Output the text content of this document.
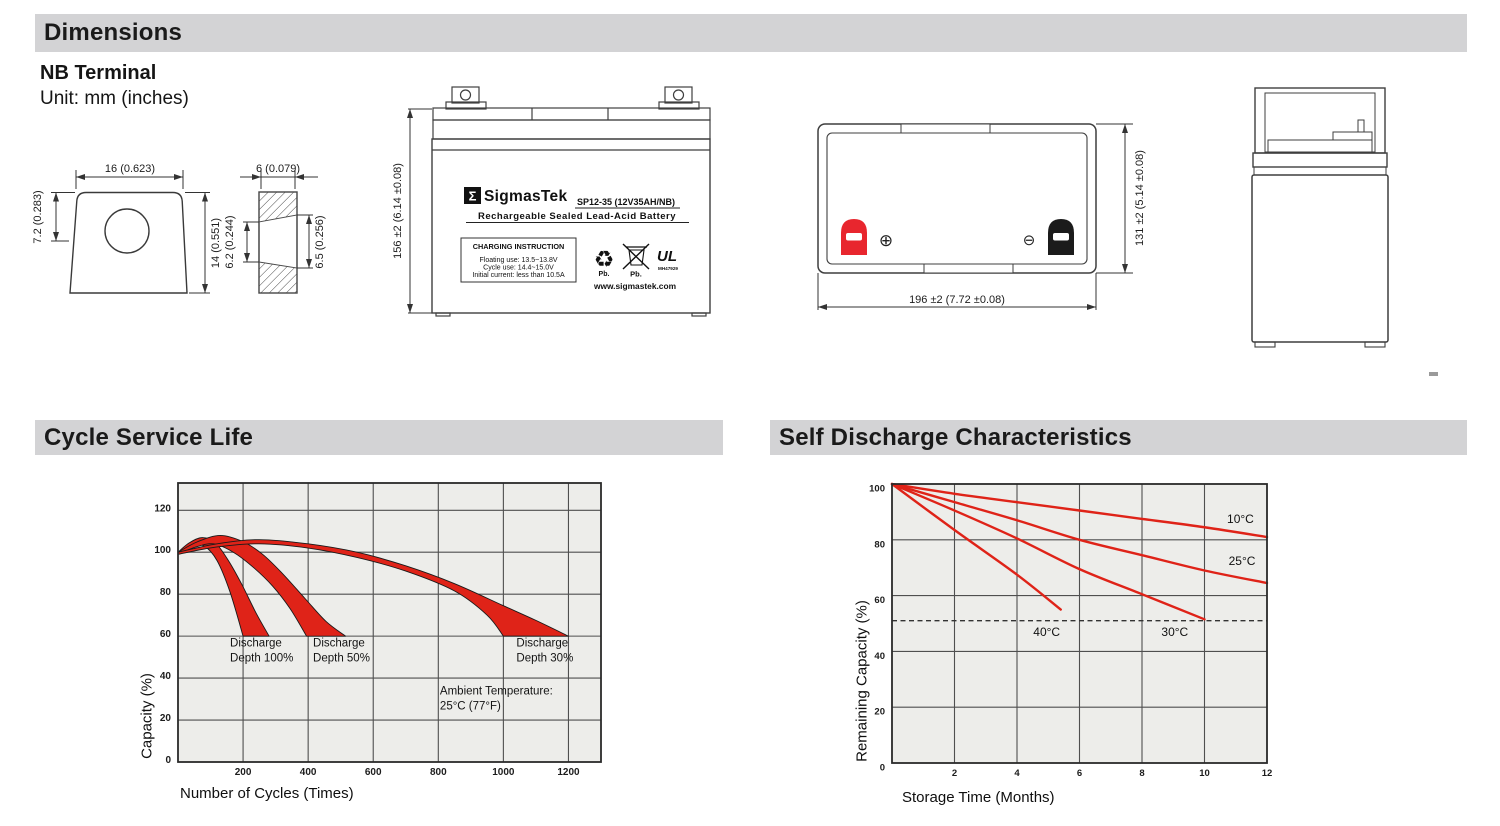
Dimensions
NB Terminal
Unit: mm (inches)
16 (0.623)
7.2 (0.283)	14 (0.551)
6 (0.079)
6.2 (0.244)	6.5 (0.256)	156 ±2 (6.14 ±0.08)	Σ SigmasTek SP12-35 (12V35AH/NB)
Rechargeable Sealed Lead-Acid Battery
CHARGING INSTRUCTION
Floating use: 13.5~13.8V
Cycle use: 14.4~15.0V
Initial current: less than 10.5A
♻
Pb.	Pb.
UL
MH47929
www.sigmastek.com
⊕	⊖	131 ±2 (5.14 ±0.08)
196 ±2 (7.72 ±0.08)
Cycle Service Life	Self Discharge Characteristics
200	400	600	800	1000	1200
0
20
40
60
80
100
120
Discharge
Depth 100%
Discharge
Depth 50%
Discharge
Depth 30%
Ambient Temperature:
25°C (77°F)
Capacity (%)
Number of Cycles (Times)
2	4	6	8	10	12
0
20
40
60
80
100
10°C
25°C
30°C
40°C
Remaining Capacity (%)
Storage Time (Months)
